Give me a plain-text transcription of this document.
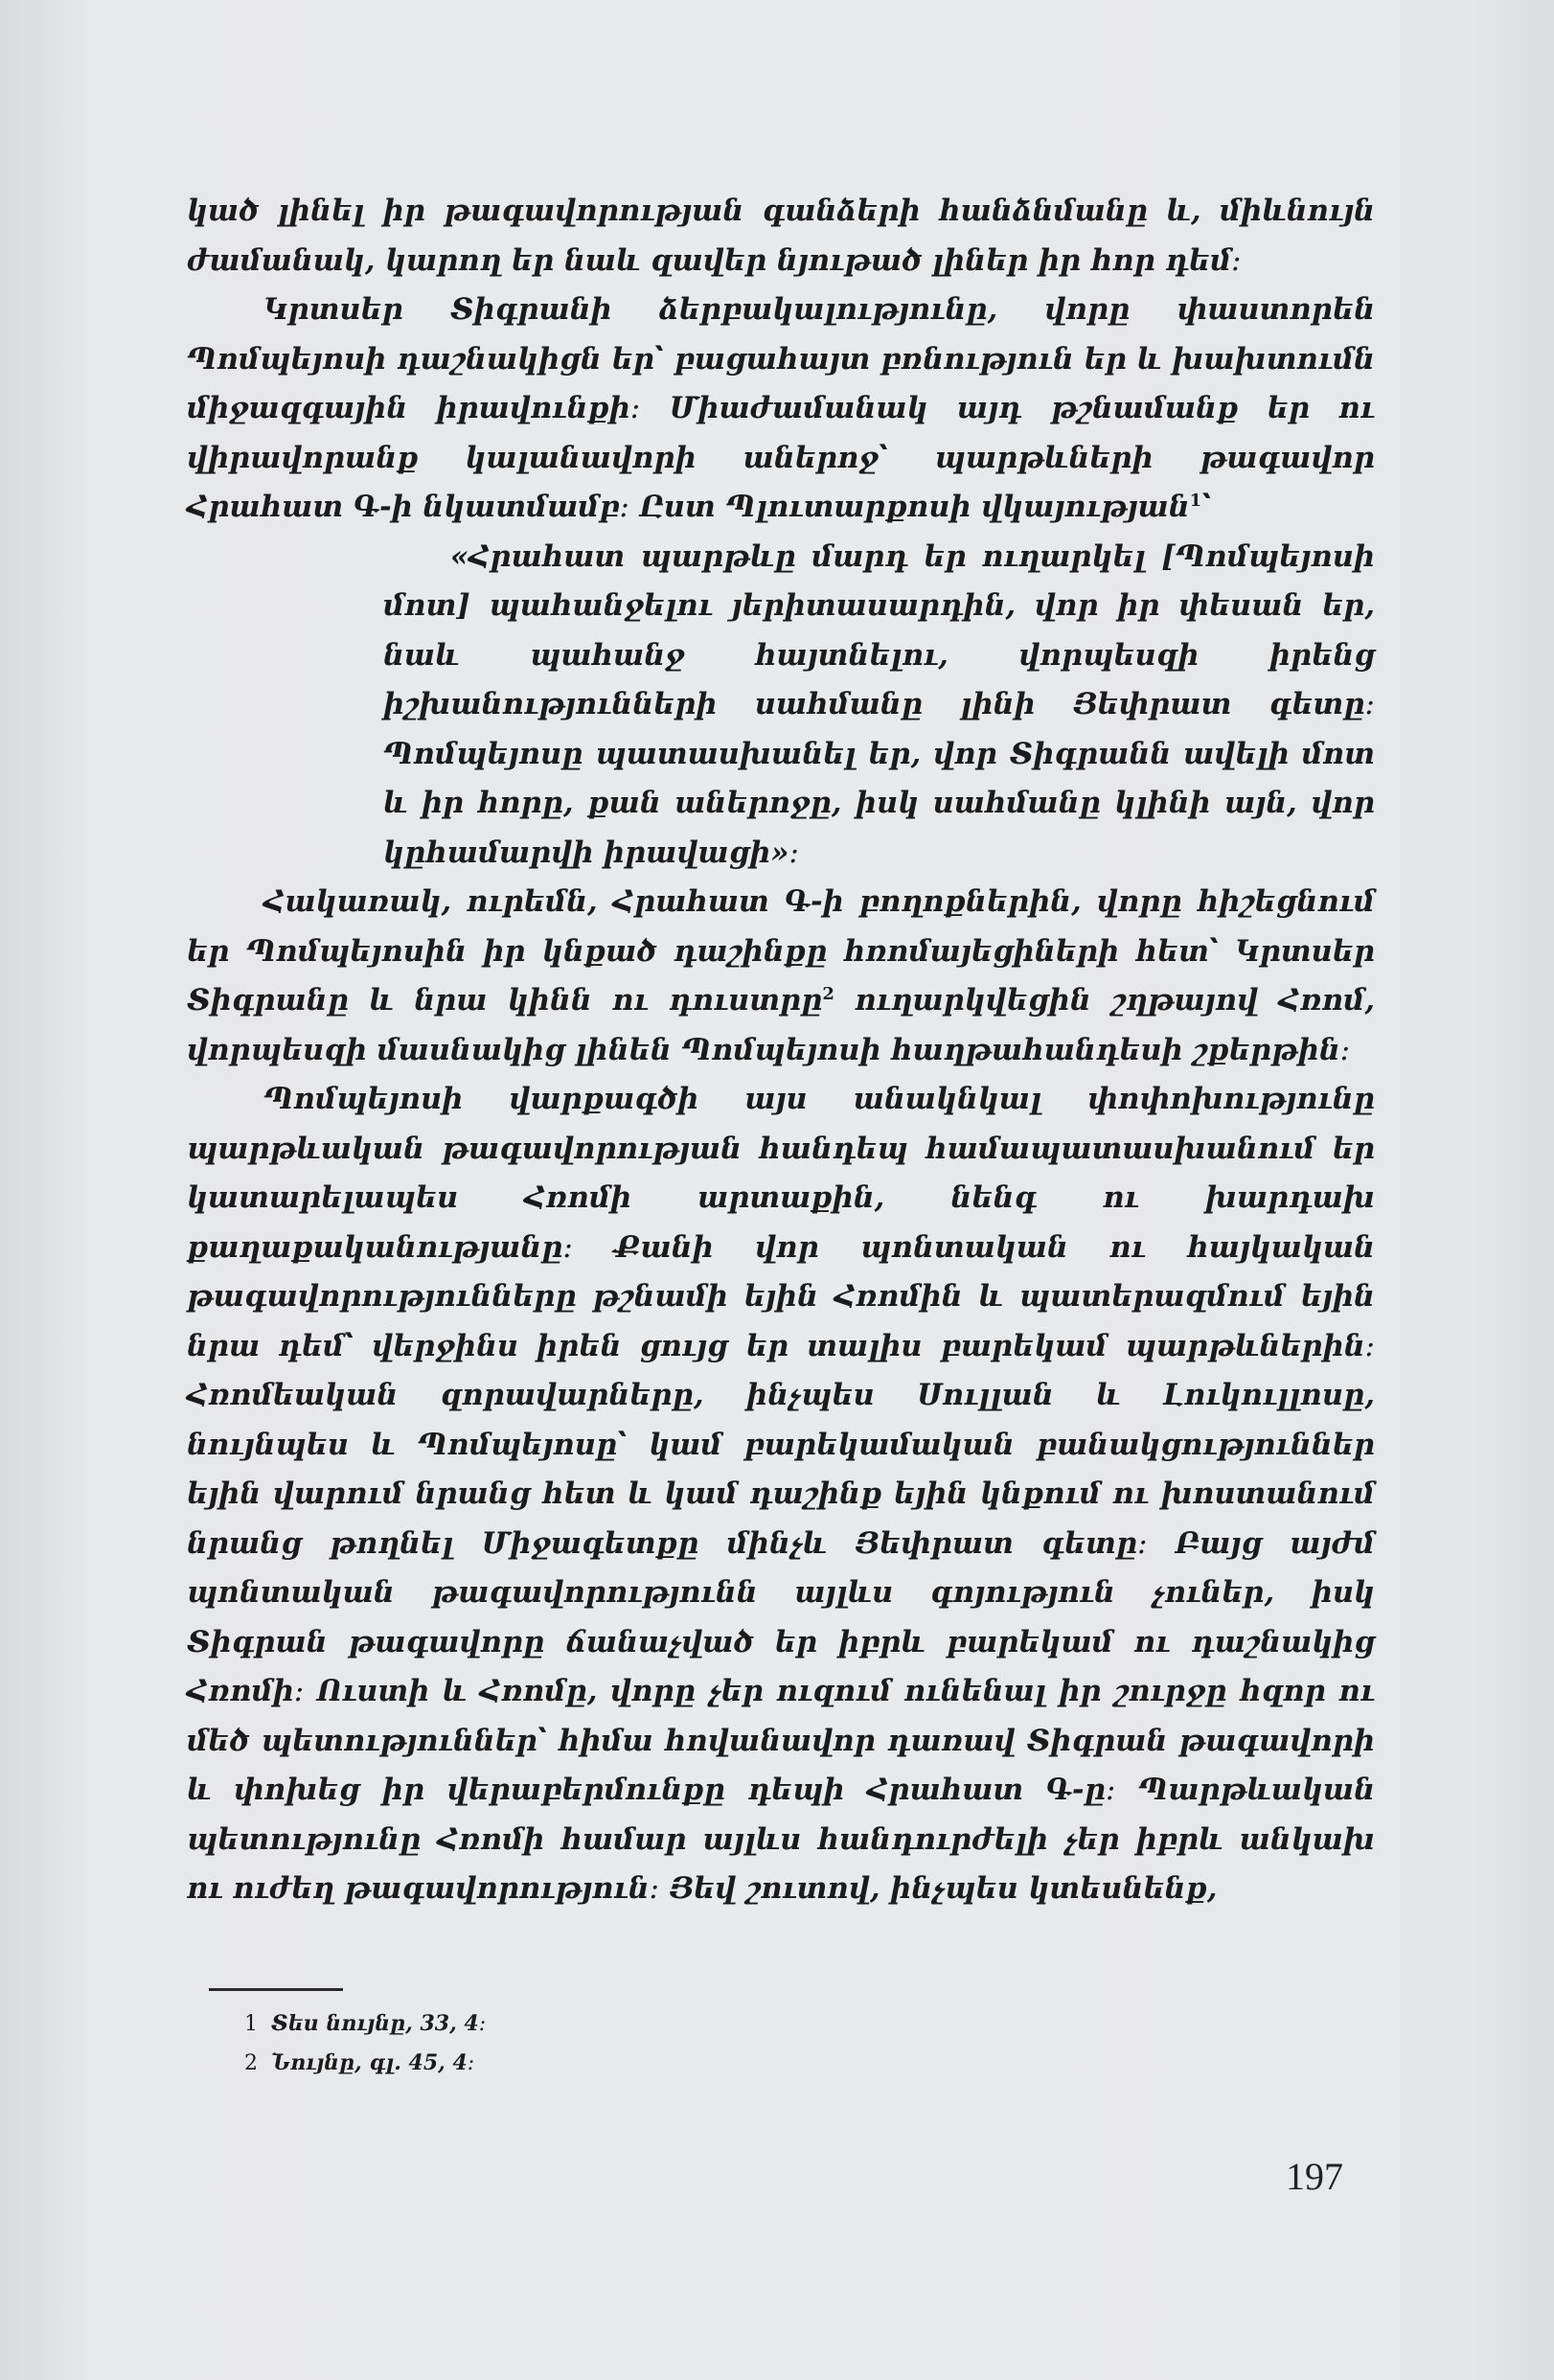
կած լինել իր թագավորության գանձերի հանձնմանը և, միևնույն ժամանակ, կարող եր նաև զավեր նյութած լիներ իր հոր դեմ։

Կրտսեր Տիգրանի ձերբակալությունը, վորը փաստորեն Պոմպեյոսի դաշնակիցն եր՝ բացահայտ բռնություն եր և խախտումն միջազգային իրավունքի։ Միաժամանակ այդ թշնամանք եր ու վիրավորանք կալանավորի աներոջ՝ պարթևների թագավոր Հրահատ Գ-ի նկատմամբ։ Ըստ Պլուտարքոսի վկայության$^1$՝

«Հրահատ պարթևը մարդ եր ուղարկել [Պոմպեյոսի մոտ] պահանջելու յերիտասարդին, վոր իր փեսան եր, նաև պահանջ հայտնելու, վորպեսզի իրենց իշխանությունների սահմանը լինի Յեփրատ գետը։ Պոմպեյոսը պատասխանել եր, վոր Տիգրանն ավելի մոտ և իր հորը, քան աներոջը, իսկ սահմանը կլինի այն, վոր կըհամարվի իրավացի»։

Հակառակ, ուրեմն, Հրահատ Գ-ի բողոքներին, վորը հիշեցնում եր Պոմպեյոսին իր կնքած դաշինքը հռոմայեցիների հետ՝ Կրտսեր Տիգրանը և նրա կինն ու դուստրը$^2$ ուղարկվեցին շղթայով Հռոմ, վորպեսզի մասնակից լինեն Պոմպեյոսի հաղթահանդեսի շքերթին։

Պոմպեյոսի վարքագծի այս անակնկալ փոփոխությունը պարթևական թագավորության հանդեպ համապատասխանում եր կատարելապես Հռոմի արտաքին, նենգ ու խարդախ քաղաքականությանը։ Քանի վոր պոնտական ու հայկական թագավորությունները թշնամի եյին Հռոմին և պատերազմում եյին նրա դեմ՝ վերջինս իրեն ցույց եր տալիս բարեկամ պարթևներին։ Հռոմեական զորավարները, ինչպես Սուլլան և Լուկուլլոսը, նույնպես և Պոմպեյոսը՝ կամ բարեկամական բանակցություններ եյին վարում նրանց հետ և կամ դաշինք եյին կնքում ու խոստանում նրանց թողնել Միջագետքը մինչև Յեփրատ գետը։ Բայց այժմ պոնտական թագավորությունն այլևս գոյություն չուներ, իսկ Տիգրան թագավորը ճանաչված եր իբրև բարեկամ ու դաշնակից Հռոմի։ Ուստի և Հռոմը, վորը չեր ուզում ունենալ իր շուրջը հզոր ու մեծ պետություններ՝ հիմա հովանավոր դառավ Տիգրան թագավորի և փոխեց իր վերաբերմունքը դեպի Հրահատ Գ-ը։ Պարթևական պետությունը Հռոմի համար այլևս հանդուրժելի չեր իբրև անկախ ու ուժեղ թագավորություն։ Յեվ շուտով, ինչպես կտեսնենք,

1 Տես նույնը, 33, 4։
2 Նույնը, գլ. 45, 4։
197
